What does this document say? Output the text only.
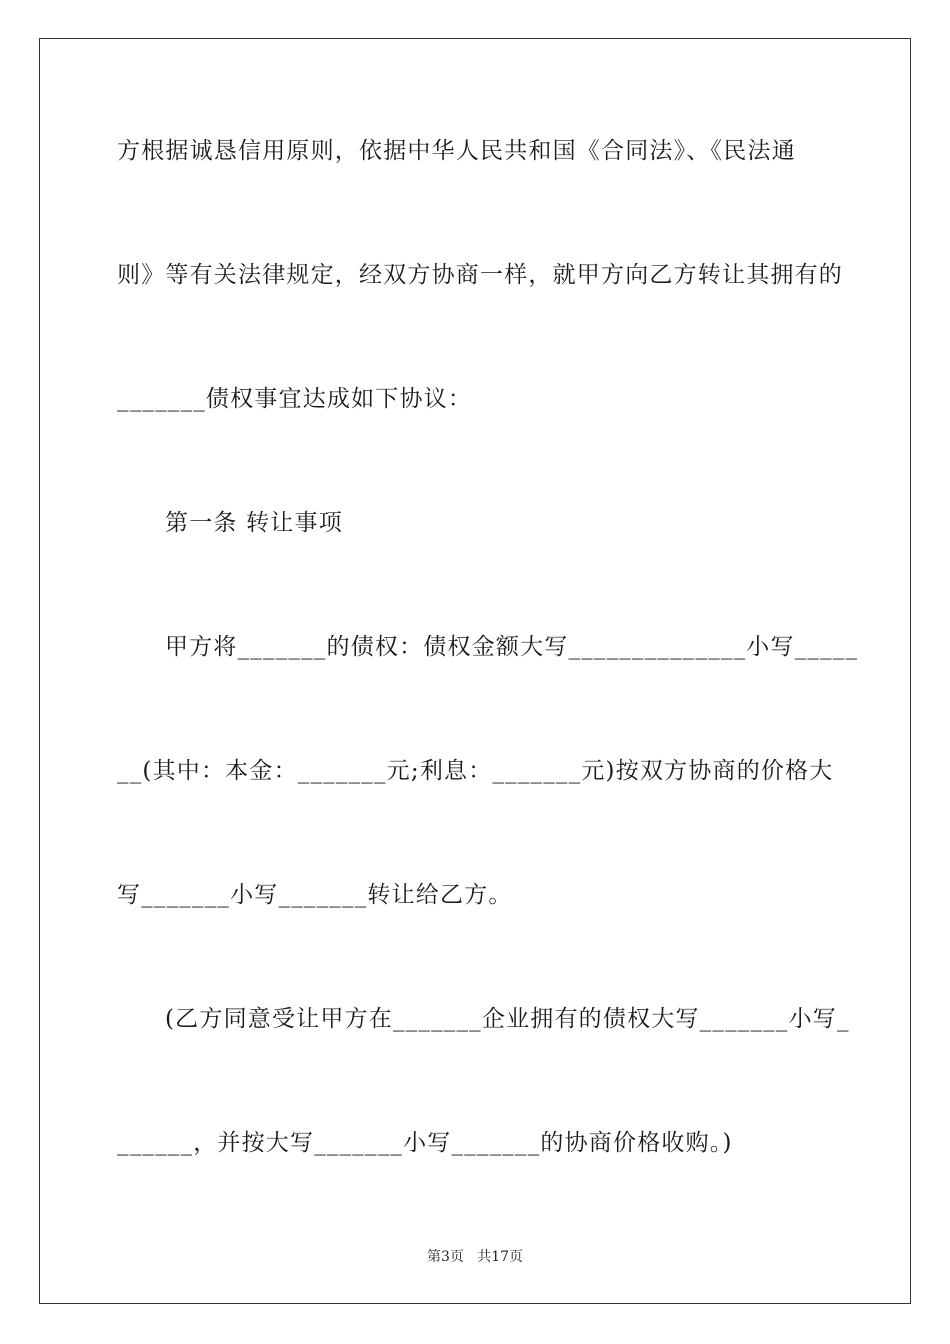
方根据诚恳信用原则，依据中华人民共和国《合同法》、《民法通
则》等有关法律规定，经双方协商一样，就甲方向乙方转让其拥有的
_______债权事宜达成如下协议：
第一条 转让事项
甲方将_______的债权：债权金额大写______________小写_____
__(其中：本金：_______元;利息：_______元)按双方协商的价格大
写_______小写_______转让给乙方。
(乙方同意受让甲方在_______企业拥有的债权大写_______小写_
______，并按大写_______小写_______的协商价格收购。)
第3页   共17页
